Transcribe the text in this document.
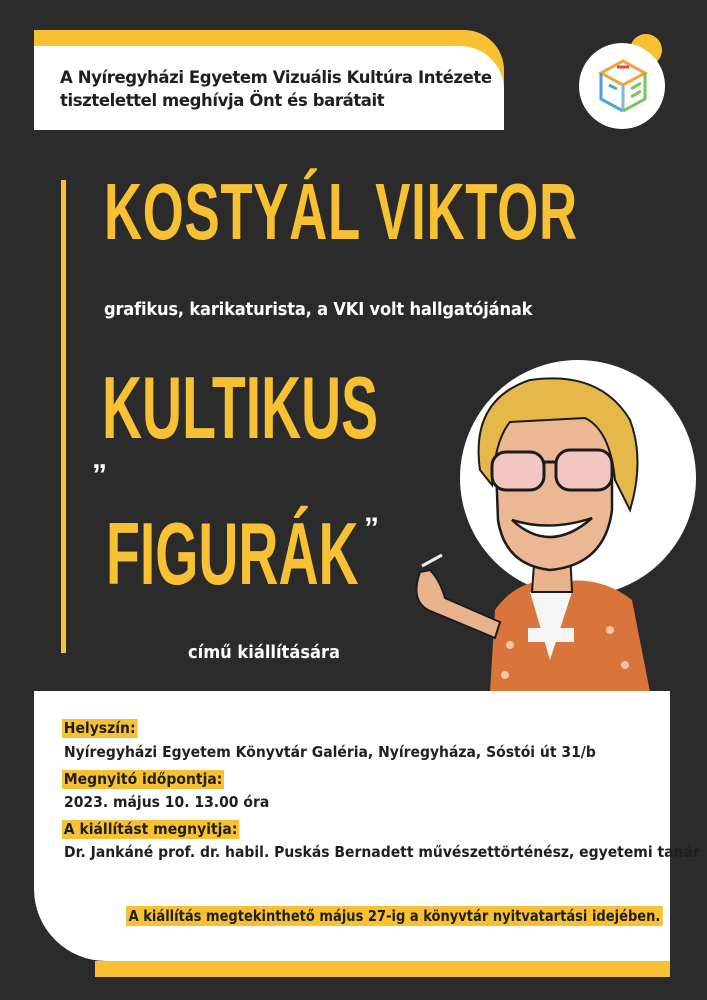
A Nyíregyházi Egyetem Vizuális Kultúra Intézete
tisztelettel meghívja Önt és barátait
KOSTYÁL VIKTOR
grafikus, karikaturista, a VKI volt hallgatójának
„
KULTIKUS
FIGURÁK ”
című kiállítására
Helyszín:
Nyíregyházi Egyetem Könyvtár Galéria, Nyíregyháza, Sóstói út 31/b
Megnyitó időpontja:
2023. május 10. 13.00 óra
A kiállítást megnyitja:
Dr. Jankáné prof. dr. habil. Puskás Bernadett művészettörténész, egyetemi tanár
A kiállítás megtekinthető május 27-ig a könyvtár nyitvatartási idejében.
